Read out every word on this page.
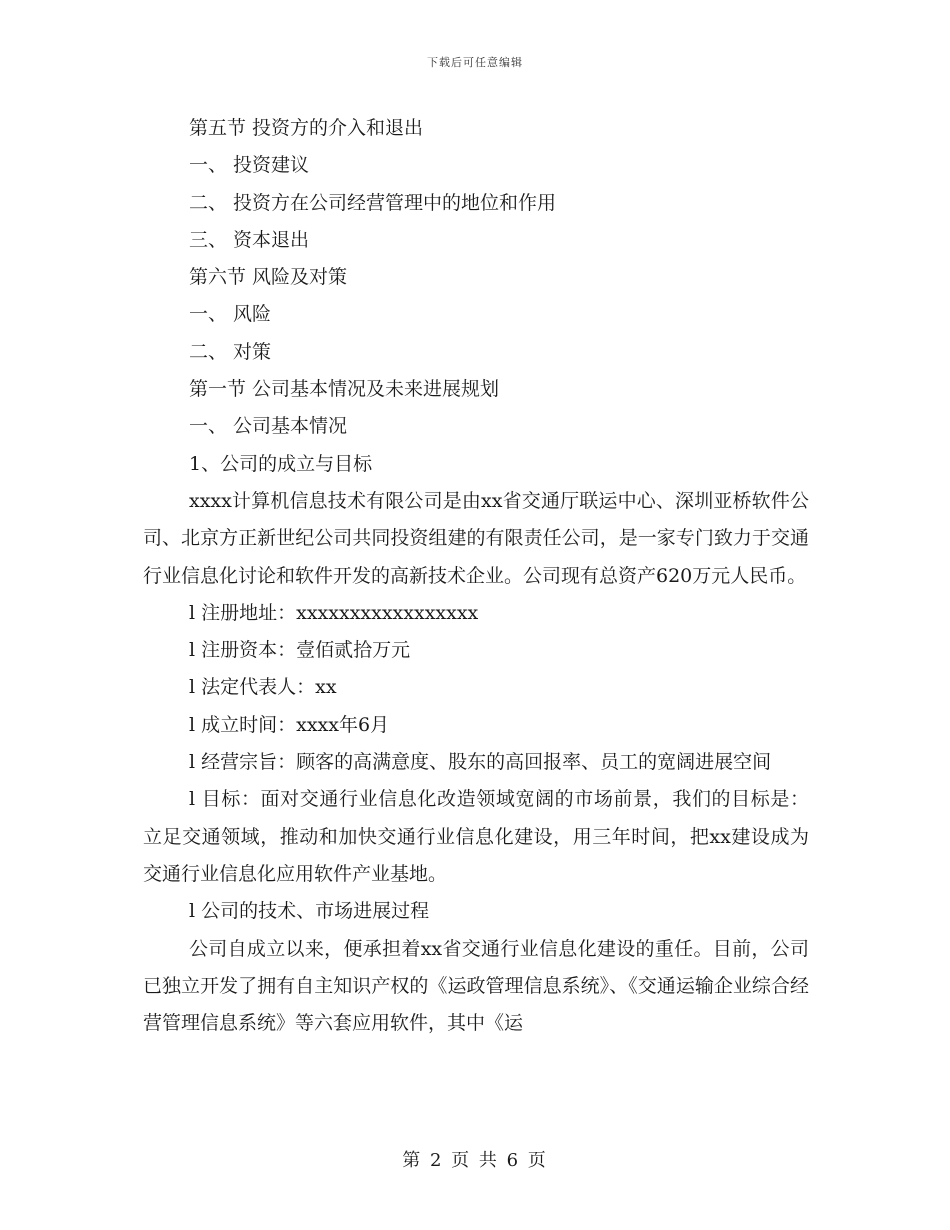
下载后可任意编辑

第五节 投资方的介入和退出

一、 投资建议

二、 投资方在公司经营管理中的地位和作用

三、 资本退出

第六节 风险及对策

一、 风险

二、 对策

第一节 公司基本情况及未来进展规划

一、 公司基本情况

1、公司的成立与目标

xxxx计算机信息技术有限公司是由xx省交通厅联运中心、深圳亚桥软件公司、北京方正新世纪公司共同投资组建的有限责任公司，是一家专门致力于交通行业信息化讨论和软件开发的高新技术企业。公司现有总资产620万元人民币。

l 注册地址：xxxxxxxxxxxxxxxxx

l 注册资本：壹佰贰拾万元

l 法定代表人：xx

l 成立时间：xxxx年6月

l 经营宗旨：顾客的高满意度、股东的高回报率、员工的宽阔进展空间

l 目标：面对交通行业信息化改造领域宽阔的市场前景，我们的目标是：立足交通领域，推动和加快交通行业信息化建设，用三年时间，把xx建设成为交通行业信息化应用软件产业基地。

l 公司的技术、市场进展过程

公司自成立以来，便承担着xx省交通行业信息化建设的重任。目前，公司已独立开发了拥有自主知识产权的《运政管理信息系统》、《交通运输企业综合经营管理信息系统》等六套应用软件，其中《运

第 2 页 共 6 页
